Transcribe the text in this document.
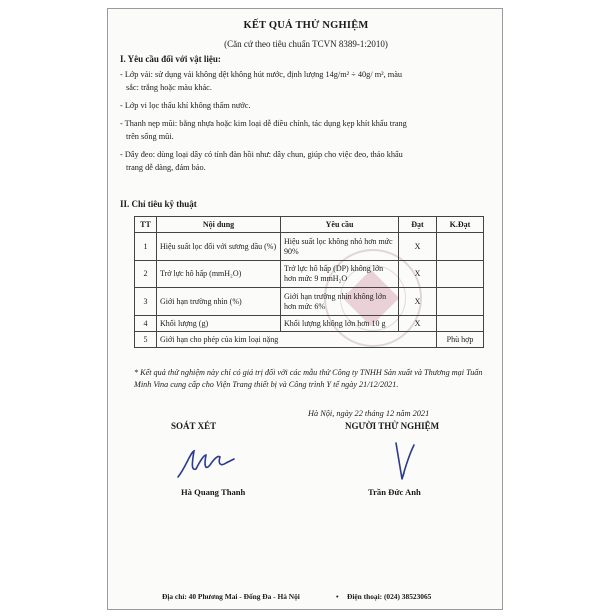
KẾT QUẢ THỬ NGHIỆM
(Căn cứ theo tiêu chuẩn TCVN 8389-1:2010)
I. Yêu cầu đối với vật liệu:
- Lớp vải: sử dụng vải không dệt không hút nước, định lượng 14g/m² ÷ 40g/ m², màu
sắc: trắng hoặc màu khác.
- Lớp vi lọc thấu khí không thấm nước.
- Thanh nẹp mũi: bằng nhựa hoặc kim loại dễ điều chỉnh, tác dụng kẹp khít khẩu trang
trên sống mũi.
- Dây đeo: dùng loại dây có tính đàn hồi như: dây chun, giúp cho việc đeo, tháo khẩu
trang dễ dàng, đảm bảo.
II. Chỉ tiêu kỹ thuật
TT	Nội dung	Yêu cầu	Đạt	K.Đạt
1	Hiệu suất lọc đối với sương dầu (%)	Hiệu suất lọc không nhỏ hơn mức 90%	X	
2	Trở lực hô hấp (mmH₂O)	Trở lực hô hấp (DP) không lớn hơn mức 9 mmH₂O	X	
3	Giới hạn trường nhìn (%)	Giới hạn trường nhìn không lớn hơn mức 6%	X	
4	Khối lượng (g)	Khối lượng không lớn hơn 10 g	X	
5	Giới hạn cho phép của kim loại nặng			Phù hợp
* Kết quả thử nghiệm này chỉ có giá trị đối với các mẫu thử Công ty TNHH Sản xuất và Thương mại Tuấn Minh Vina cung cấp cho Viện Trang thiết bị và Công trình Y tế ngày 21/12/2021.
Hà Nội, ngày 22 tháng 12 năm 2021
SOÁT XÉT	NGƯỜI THỬ NGHIỆM
Hà Quang Thanh	Trần Đức Anh
Địa chỉ: 40 Phương Mai - Đống Đa - Hà Nội	• Điện thoại: (024) 38523065
